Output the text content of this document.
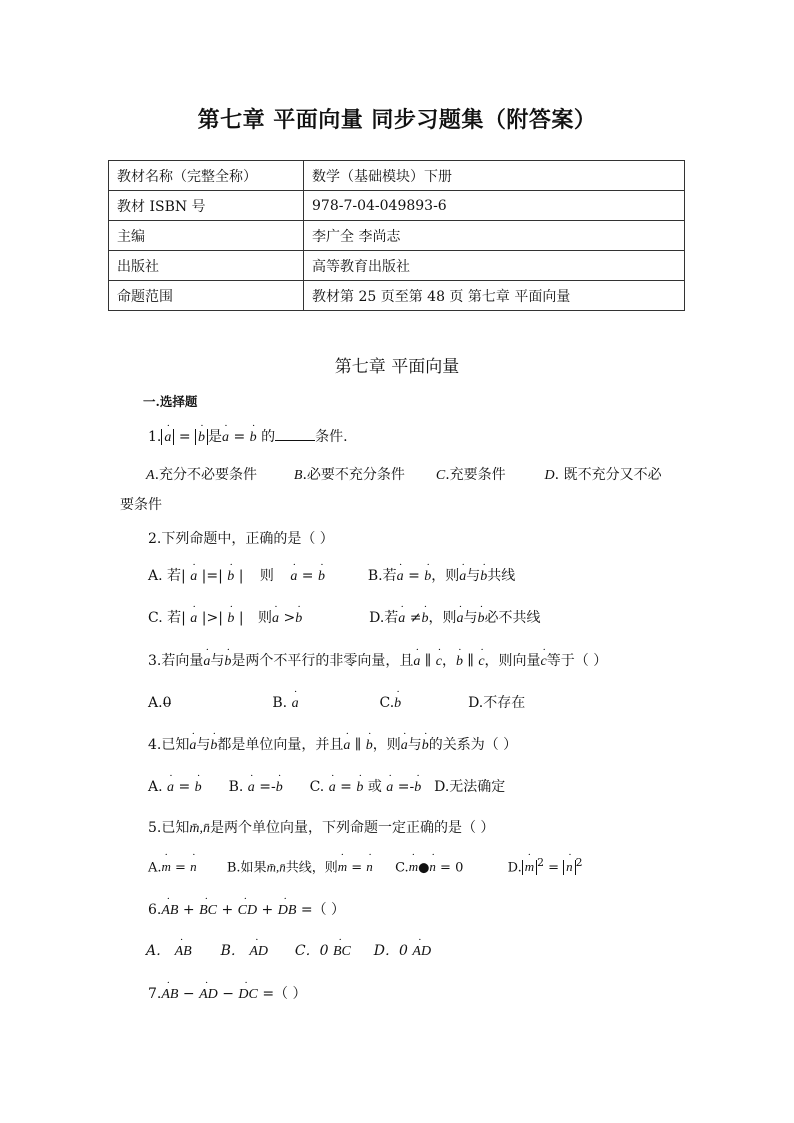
第七章 平面向量 同步习题集（附答案）
教材名称（完整全称）	数学（基础模块）下册
教材 ISBN 号	978-7-04-049893-6
主编	李广全 李尚志
出版社	高等教育出版社
命题范围	教材第 25 页至第 48 页 第七章 平面向量
第七章 平面向量
一.选择题
1. · a = · b 是· a = · b 的	条件.
A.充分不必要条件	B.必要不充分条件 C.充要条件	D. 既不充分又不必
要条件
2.下列命题中，正确的是（ ）
A. 若| · a |=| · b | 则 · a = · b	B.若· a = · b，则· a与· b共线
C. 若| · a |>| · b | 则· a >· b	D.若· a ≠· b，则· a与· b必不共线
3.若向量· a与· b是两个不平行的非零向量，且· a ∥ · c，· b ∥ · c，则向量· c等于（ ）
A.0̶	B. · a	C.· b	D.不存在
4.已知· a与· b都是单位向量，并且· a ∥ · b，则· a与· b的关系为（ ）
A. · a = · b B. · a =-· b C. · a = · b 或 · a =-· b D.无法确定
5.已知m̄,n̄是两个单位向量，下列命题一定正确的是（ ）
A.· m = · n B.如果m̄,n̄共线，则· m = · n C.· m●· n = 0	D. · m $^2$ = · n $^2$
6.· AB + · BC + · CD + · DB =（ ）
A． · AB B． · AD C．0 · BC D．0 · AD
7.· AB − · AD − · DC =（ ）
